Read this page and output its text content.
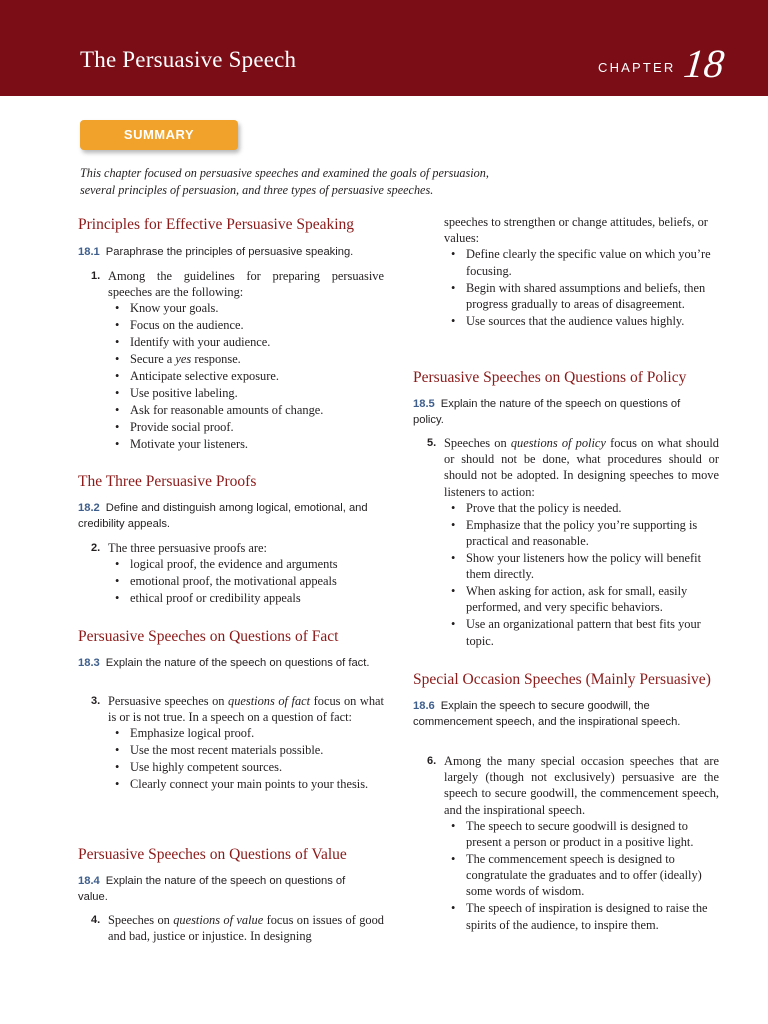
The Persuasive Speech	CHAPTER 18
SUMMARY
This chapter focused on persuasive speeches and examined the goals of persuasion, several principles of persuasion, and three types of persuasive speeches.
Principles for Effective Persuasive Speaking
18.1 Paraphrase the principles of persuasive speaking.
1. Among the guidelines for preparing persuasive speeches are the following:

• Know your goals.
• Focus on the audience.
• Identify with your audience.
• Secure a yes response.
• Anticipate selective exposure.
• Use positive labeling.
• Ask for reasonable amounts of change.
• Provide social proof.
• Motivate your listeners.
The Three Persuasive Proofs
18.2 Define and distinguish among logical, emotional, and credibility appeals.
2. The three persuasive proofs are:

• logical proof, the evidence and arguments
• emotional proof, the motivational appeals
• ethical proof or credibility appeals
Persuasive Speeches on Questions of Fact
18.3 Explain the nature of the speech on questions of fact.
3. Persuasive speeches on questions of fact focus on what is or is not true. In a speech on a question of fact:

• Emphasize logical proof.
• Use the most recent materials possible.
• Use highly competent sources.
• Clearly connect your main points to your thesis.
Persuasive Speeches on Questions of Value
18.4 Explain the nature of the speech on questions of value.
4. Speeches on questions of value focus on issues of good and bad, justice or injustice. In designing

speeches to strengthen or change attitudes, beliefs, or values:

• Define clearly the specific value on which you’re focusing.
• Begin with shared assumptions and beliefs, then progress gradually to areas of disagreement.
• Use sources that the audience values highly.
Persuasive Speeches on Questions of Policy
18.5 Explain the nature of the speech on questions of policy.
5. Speeches on questions of policy focus on what should or should not be done, what procedures should or should not be adopted. In designing speeches to move listeners to action:

• Prove that the policy is needed.
• Emphasize that the policy you’re supporting is practical and reasonable.
• Show your listeners how the policy will benefit them directly.
• When asking for action, ask for small, easily performed, and very specific behaviors.
• Use an organizational pattern that best fits your topic.
Special Occasion Speeches (Mainly Persuasive)
18.6 Explain the speech to secure goodwill, the commencement speech, and the inspirational speech.
6. Among the many special occasion speeches that are largely (though not exclusively) persuasive are the speech to secure goodwill, the commencement speech, and the inspirational speech.

• The speech to secure goodwill is designed to present a person or product in a positive light.
• The commencement speech is designed to congratulate the graduates and to offer (ideally) some words of wisdom.
• The speech of inspiration is designed to raise the spirits of the audience, to inspire them.
